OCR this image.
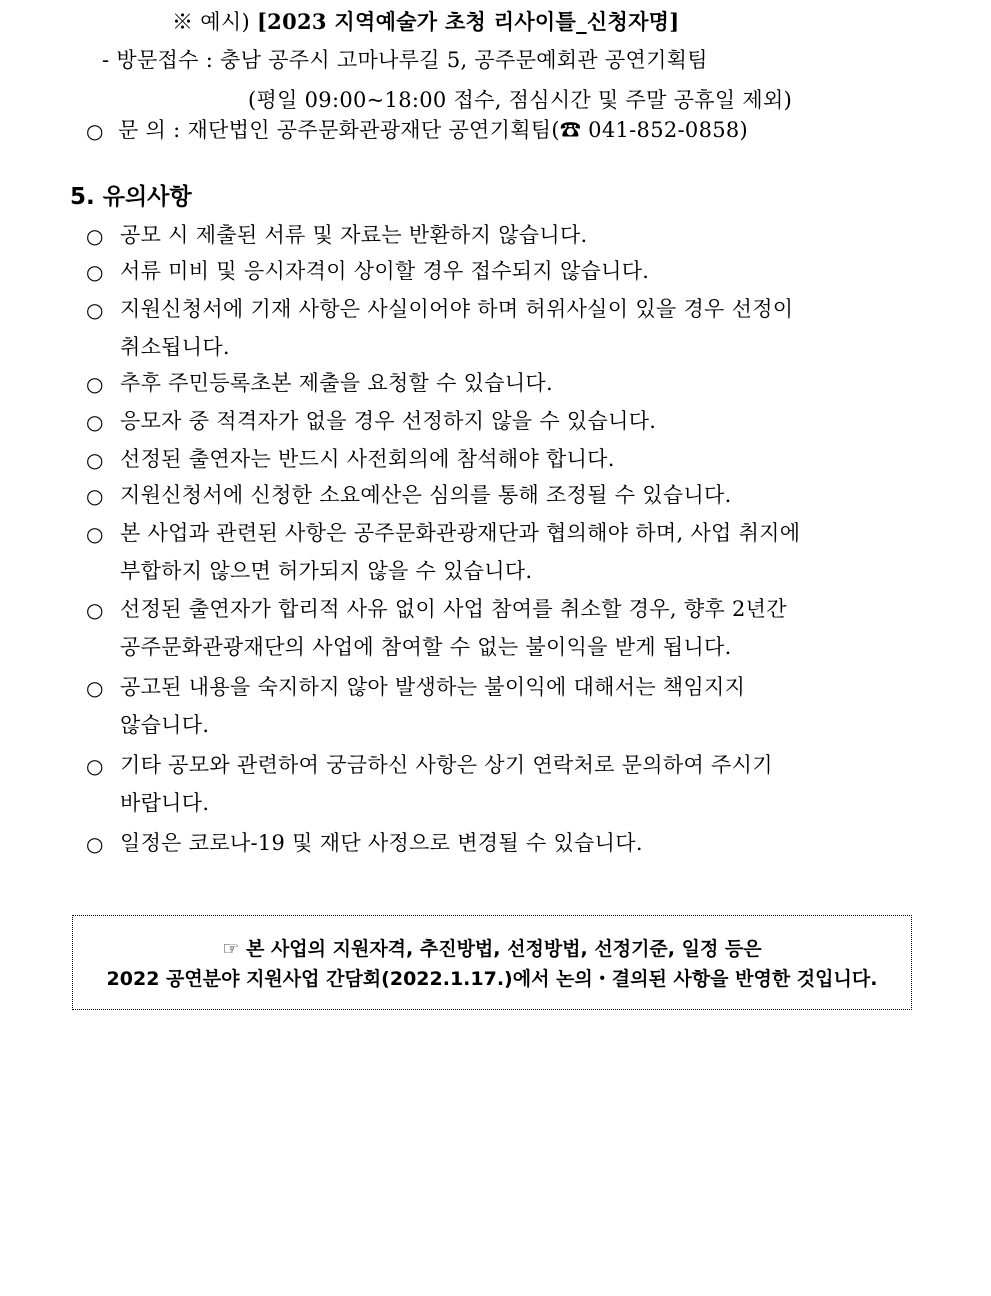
※ 예시) [2023 지역예술가 초청 리사이틀_신청자명]
- 방문접수 : 충남 공주시 고마나루길 5, 공주문예회관 공연기획팀
(평일 09:00~18:00 접수, 점심시간 및 주말 공휴일 제외)
○ 문 의 : 재단법인 공주문화관광재단 공연기획팀(☎ 041-852-0858)
5. 유의사항
○ 공모 시 제출된 서류 및 자료는 반환하지 않습니다.
○ 서류 미비 및 응시자격이 상이할 경우 접수되지 않습니다.
○ 지원신청서에 기재 사항은 사실이어야 하며 허위사실이 있을 경우 선정이
취소됩니다.
○ 추후 주민등록초본 제출을 요청할 수 있습니다.
○ 응모자 중 적격자가 없을 경우 선정하지 않을 수 있습니다.
○ 선정된 출연자는 반드시 사전회의에 참석해야 합니다.
○ 지원신청서에 신청한 소요예산은 심의를 통해 조정될 수 있습니다.
○ 본 사업과 관련된 사항은 공주문화관광재단과 협의해야 하며, 사업 취지에
부합하지 않으면 허가되지 않을 수 있습니다.
○ 선정된 출연자가 합리적 사유 없이 사업 참여를 취소할 경우, 향후 2년간
공주문화관광재단의 사업에 참여할 수 없는 불이익을 받게 됩니다.
○ 공고된 내용을 숙지하지 않아 발생하는 불이익에 대해서는 책임지지
않습니다.
○ 기타 공모와 관련하여 궁금하신 사항은 상기 연락처로 문의하여 주시기
바랍니다.
○ 일정은 코로나-19 및 재단 사정으로 변경될 수 있습니다.
☞ 본 사업의 지원자격, 추진방법, 선정방법, 선정기준, 일정 등은
2022 공연분야 지원사업 간담회(2022.1.17.)에서 논의・결의된 사항을 반영한 것입니다.
